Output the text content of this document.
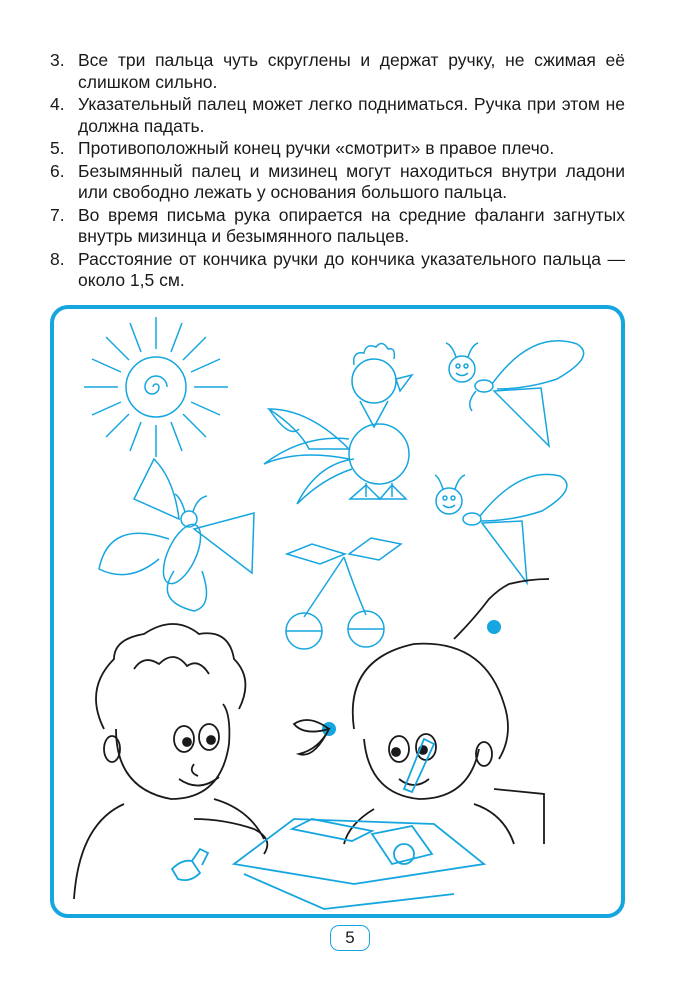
3. Все три пальца чуть скруглены и держат ручку, не сжимая её слишком сильно.
4. Указательный палец может легко подниматься. Ручка при этом не должна падать.
5. Противоположный конец ручки «смотрит» в правое плечо.
6. Безымянный палец и мизинец могут находиться внутри ладони или свободно лежать у основания большого пальца.
7. Во время письма рука опирается на средние фаланги загнутых внутрь мизинца и безымянного пальцев.
8. Расстояние от кончика ручки до кончика указательного пальца — около 1,5 см.
5
